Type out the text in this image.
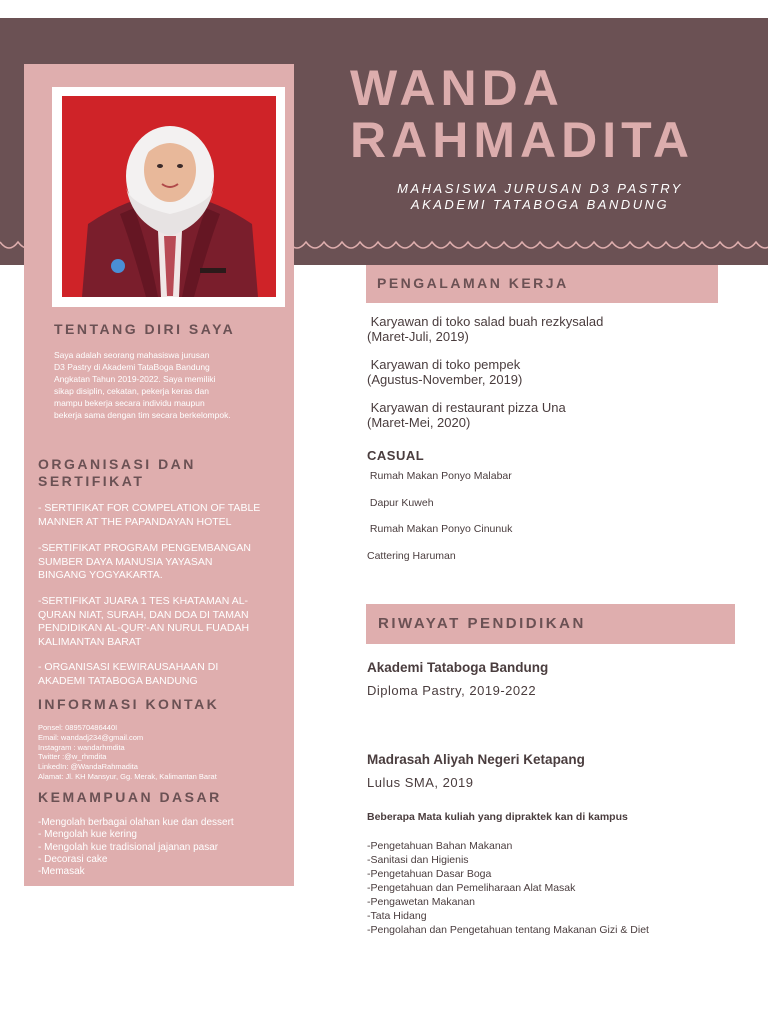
WANDA
RAHMADITA
MAHASISWA JURUSAN D3 PASTRY
AKADEMI TATABOGA BANDUNG
TENTANG DIRI SAYA
Saya adalah seorang mahasiswa jurusan
D3 Pastry di Akademi TataBoga Bandung
Angkatan Tahun 2019-2022. Saya memiliki
sikap disiplin, cekatan, pekerja keras dan
mampu bekerja secara individu maupun
bekerja sama dengan tim secara berkelompok.
ORGANISASI DAN
SERTIFIKAT
- SERTIFIKAT FOR COMPELATION OF TABLE
MANNER AT THE PAPANDAYAN HOTEL
-SERTIFIKAT PROGRAM PENGEMBANGAN
SUMBER DAYA MANUSIA YAYASAN
BINGANG YOGYAKARTA.
-SERTIFIKAT JUARA 1 TES KHATAMAN AL-
QURAN NIAT, SURAH, DAN DOA DI TAMAN
PENDIDIKAN AL-QUR'-AN NURUL FUADAH
KALIMANTAN BARAT
- ORGANISASI KEWIRAUSAHAAN DI
AKADEMI TATABOGA BANDUNG
INFORMASI KONTAK
Ponsel: 089570486440I
Email: wandadj234@gmail.com
Instagram : wandarhmdita
Twitter :@w_rhmdita
LinkedIn: @WandaRahmadita
Alamat: Jl. KH Mansyur, Gg. Merak, Kalimantan Barat
KEMAMPUAN DASAR
-Mengolah berbagai olahan kue dan dessert
- Mengolah kue kering
- Mengolah kue tradisional jajanan pasar
- Decorasi cake
-Memasak
PENGALAMAN KERJA
Karyawan di toko salad buah rezkysalad
(Maret-Juli, 2019)
Karyawan di toko pempek
(Agustus-November, 2019)
Karyawan di restaurant pizza Una
(Maret-Mei, 2020)
CASUAL
Rumah Makan Ponyo Malabar
Dapur Kuweh
Rumah Makan Ponyo Cinunuk
Cattering Haruman
RIWAYAT PENDIDIKAN
Akademi Tataboga Bandung
Diploma Pastry, 2019-2022
Madrasah Aliyah Negeri Ketapang
Lulus SMA, 2019
Beberapa Mata kuliah yang dipraktek kan di kampus
-Pengetahuan Bahan Makanan
-Sanitasi dan Higienis
-Pengetahuan Dasar Boga
-Pengetahuan dan Pemeliharaan Alat Masak
-Pengawetan Makanan
-Tata Hidang
-Pengolahan dan Pengetahuan tentang Makanan Gizi & Diet
